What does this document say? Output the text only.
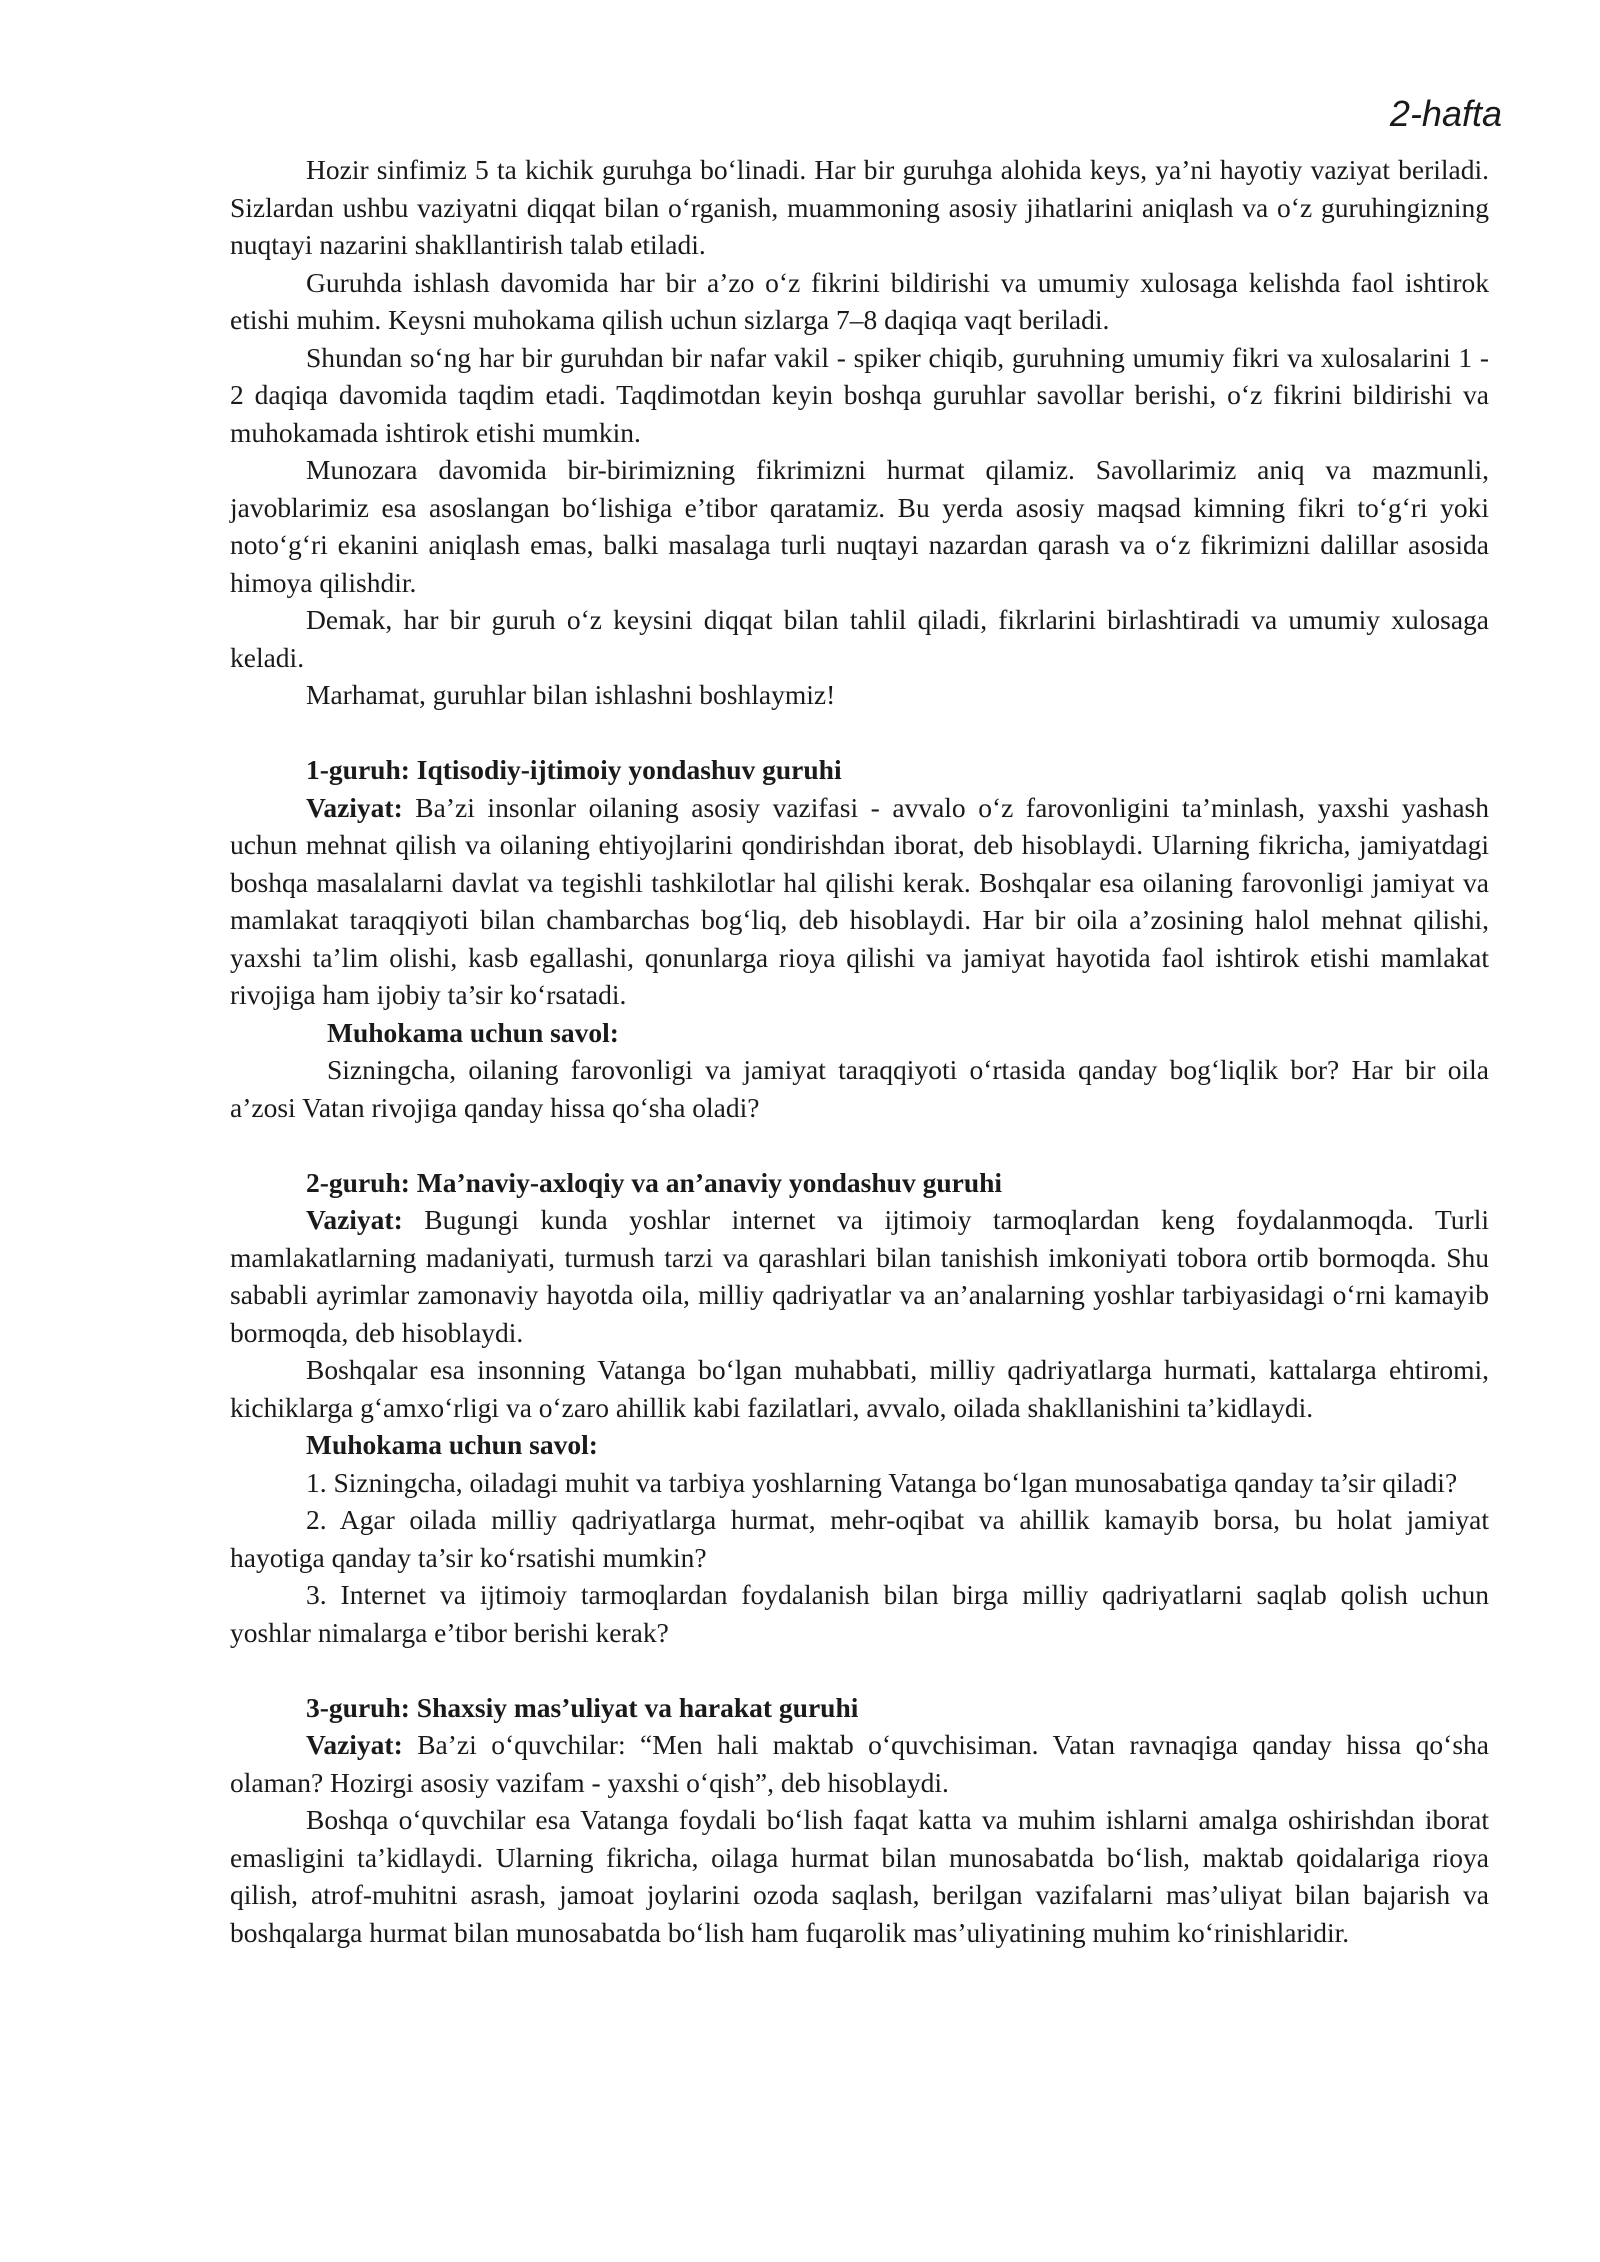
2-hafta

Hozir sinfimiz 5 ta kichik guruhga bo‘linadi. Har bir guruhga alohida keys, ya’ni hayotiy vaziyat beriladi. Sizlardan ushbu vaziyatni diqqat bilan o‘rganish, muammoning asosiy jihatlarini aniqlash va o‘z guruhingizning nuqtayi nazarini shakllantirish talab etiladi.

Guruhda ishlash davomida har bir a’zo o‘z fikrini bildirishi va umumiy xulosaga kelishda faol ishtirok etishi muhim. Keysni muhokama qilish uchun sizlarga 7–8 daqiqa vaqt beriladi.

Shundan so‘ng har bir guruhdan bir nafar vakil - spiker chiqib, guruhning umumiy fikri va xulosalarini 1 - 2 daqiqa davomida taqdim etadi. Taqdimotdan keyin boshqa guruhlar savollar berishi, o‘z fikrini bildirishi va muhokamada ishtirok etishi mumkin.

Munozara davomida bir-birimizning fikrimizni hurmat qilamiz. Savollarimiz aniq va mazmunli, javoblarimiz esa asoslangan bo‘lishiga e’tibor qaratamiz. Bu yerda asosiy maqsad kimning fikri to‘g‘ri yoki noto‘g‘ri ekanini aniqlash emas, balki masalaga turli nuqtayi nazardan qarash va o‘z fikrimizni dalillar asosida himoya qilishdir.

Demak, har bir guruh o‘z keysini diqqat bilan tahlil qiladi, fikrlarini birlashtiradi va umumiy xulosaga keladi.

Marhamat, guruhlar bilan ishlashni boshlaymiz!

1-guruh: Iqtisodiy-ijtimoiy yondashuv guruhi

Vaziyat: Ba’zi insonlar oilaning asosiy vazifasi - avvalo o‘z farovonligini ta’minlash, yaxshi yashash uchun mehnat qilish va oilaning ehtiyojlarini qondirishdan iborat, deb hisoblaydi. Ularning fikricha, jamiyatdagi boshqa masalalarni davlat va tegishli tashkilotlar hal qilishi kerak. Boshqalar esa oilaning farovonligi jamiyat va mamlakat taraqqiyoti bilan chambarchas bog‘liq, deb hisoblaydi. Har bir oila a’zosining halol mehnat qilishi, yaxshi ta’lim olishi, kasb egallashi, qonunlarga rioya qilishi va jamiyat hayotida faol ishtirok etishi mamlakat rivojiga ham ijobiy ta’sir ko‘rsatadi.

Muhokama uchun savol:

Sizningcha, oilaning farovonligi va jamiyat taraqqiyoti o‘rtasida qanday bog‘liqlik bor? Har bir oila a’zosi Vatan rivojiga qanday hissa qo‘sha oladi?

2-guruh: Ma’naviy-axloqiy va an’anaviy yondashuv guruhi

Vaziyat: Bugungi kunda yoshlar internet va ijtimoiy tarmoqlardan keng foydalanmoqda. Turli mamlakatlarning madaniyati, turmush tarzi va qarashlari bilan tanishish imkoniyati tobora ortib bormoqda. Shu sababli ayrimlar zamonaviy hayotda oila, milliy qadriyatlar va an’analarning yoshlar tarbiyasidagi o‘rni kamayib bormoqda, deb hisoblaydi.

Boshqalar esa insonning Vatanga bo‘lgan muhabbati, milliy qadriyatlarga hurmati, kattalarga ehtiromi, kichiklarga g‘amxo‘rligi va o‘zaro ahillik kabi fazilatlari, avvalo, oilada shakllanishini ta’kidlaydi.

Muhokama uchun savol:

1. Sizningcha, oiladagi muhit va tarbiya yoshlarning Vatanga bo‘lgan munosabatiga qanday ta’sir qiladi?

2. Agar oilada milliy qadriyatlarga hurmat, mehr-oqibat va ahillik kamayib borsa, bu holat jamiyat hayotiga qanday ta’sir ko‘rsatishi mumkin?

3. Internet va ijtimoiy tarmoqlardan foydalanish bilan birga milliy qadriyatlarni saqlab qolish uchun yoshlar nimalarga e’tibor berishi kerak?

3-guruh: Shaxsiy mas’uliyat va harakat guruhi

Vaziyat: Ba’zi o‘quvchilar: “Men hali maktab o‘quvchisiman. Vatan ravnaqiga qanday hissa qo‘sha olaman? Hozirgi asosiy vazifam - yaxshi o‘qish”, deb hisoblaydi.

Boshqa o‘quvchilar esa Vatanga foydali bo‘lish faqat katta va muhim ishlarni amalga oshirishdan iborat emasligini ta’kidlaydi. Ularning fikricha, oilaga hurmat bilan munosabatda bo‘lish, maktab qoidalariga rioya qilish, atrof-muhitni asrash, jamoat joylarini ozoda saqlash, berilgan vazifalarni mas’uliyat bilan bajarish va boshqalarga hurmat bilan munosabatda bo‘lish ham fuqarolik mas’uliyatining muhim ko‘rinishlaridir.
